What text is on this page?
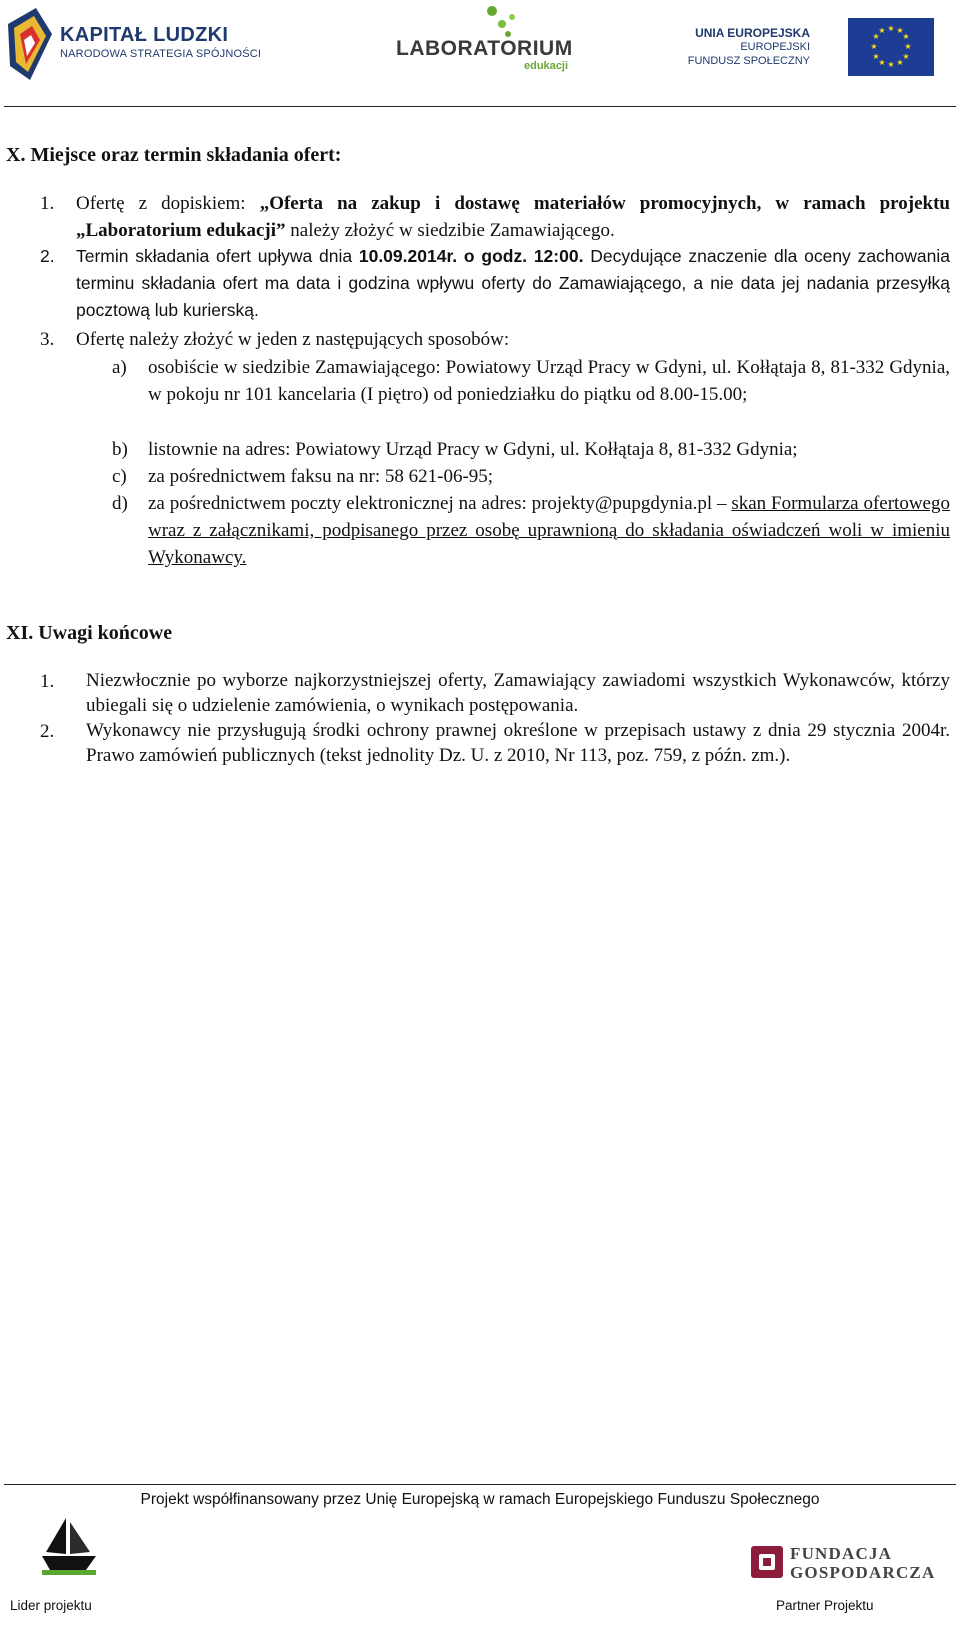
KAPITAŁ LUDZKI
NARODOWA STRATEGIA SPÓJNOŚCI	LABORATORIUM
edukacji
UNIA EUROPEJSKA
EUROPEJSKI
FUNDUSZ SPOŁECZNY
★ ★
★
★
★
★
★
★
★
★
★
★
X. Miejsce oraz termin składania ofert:
1. Ofertę z dopiskiem: „Oferta na zakup i dostawę materiałów promocyjnych, w ramach projektu „Laboratorium edukacji” należy złożyć w siedzibie Zamawiającego.
2. Termin składania ofert upływa dnia 10.09.2014r. o godz. 12:00. Decydujące znaczenie dla oceny zachowania terminu składania ofert ma data i godzina wpływu oferty do Zamawiającego, a nie data jej nadania przesyłką pocztową lub kurierską.
3. Ofertę należy złożyć w jeden z następujących sposobów:
a) osobiście w siedzibie Zamawiającego: Powiatowy Urząd Pracy w Gdyni, ul. Kołłątaja 8, 81-332 Gdynia, w pokoju nr 101 kancelaria (I piętro) od poniedziałku do piątku od 8.00-15.00;
b) listownie na adres: Powiatowy Urząd Pracy w Gdyni, ul. Kołłątaja 8, 81-332 Gdynia;
c) za pośrednictwem faksu na nr: 58 621-06-95;
d) za pośrednictwem poczty elektronicznej na adres: projekty@pupgdynia.pl – skan Formularza ofertowego wraz z załącznikami, podpisanego przez osobę uprawnioną do składania oświadczeń woli w imieniu Wykonawcy.
XI. Uwagi końcowe
1. Niezwłocznie po wyborze najkorzystniejszej oferty, Zamawiający zawiadomi wszystkich Wykonawców, którzy ubiegali się o udzielenie zamówienia, o wynikach postępowania.
2. Wykonawcy nie przysługują środki ochrony prawnej określone w przepisach ustawy z dnia 29 stycznia 2004r. Prawo zamówień publicznych (tekst jednolity Dz. U. z 2010, Nr 113, poz. 759, z późn. zm.).
Projekt współfinansowany przez Unię Europejską w ramach Europejskiego Funduszu Społecznego
Lider projektu
FUNDACJA
GOSPODARCZA
Partner Projektu
